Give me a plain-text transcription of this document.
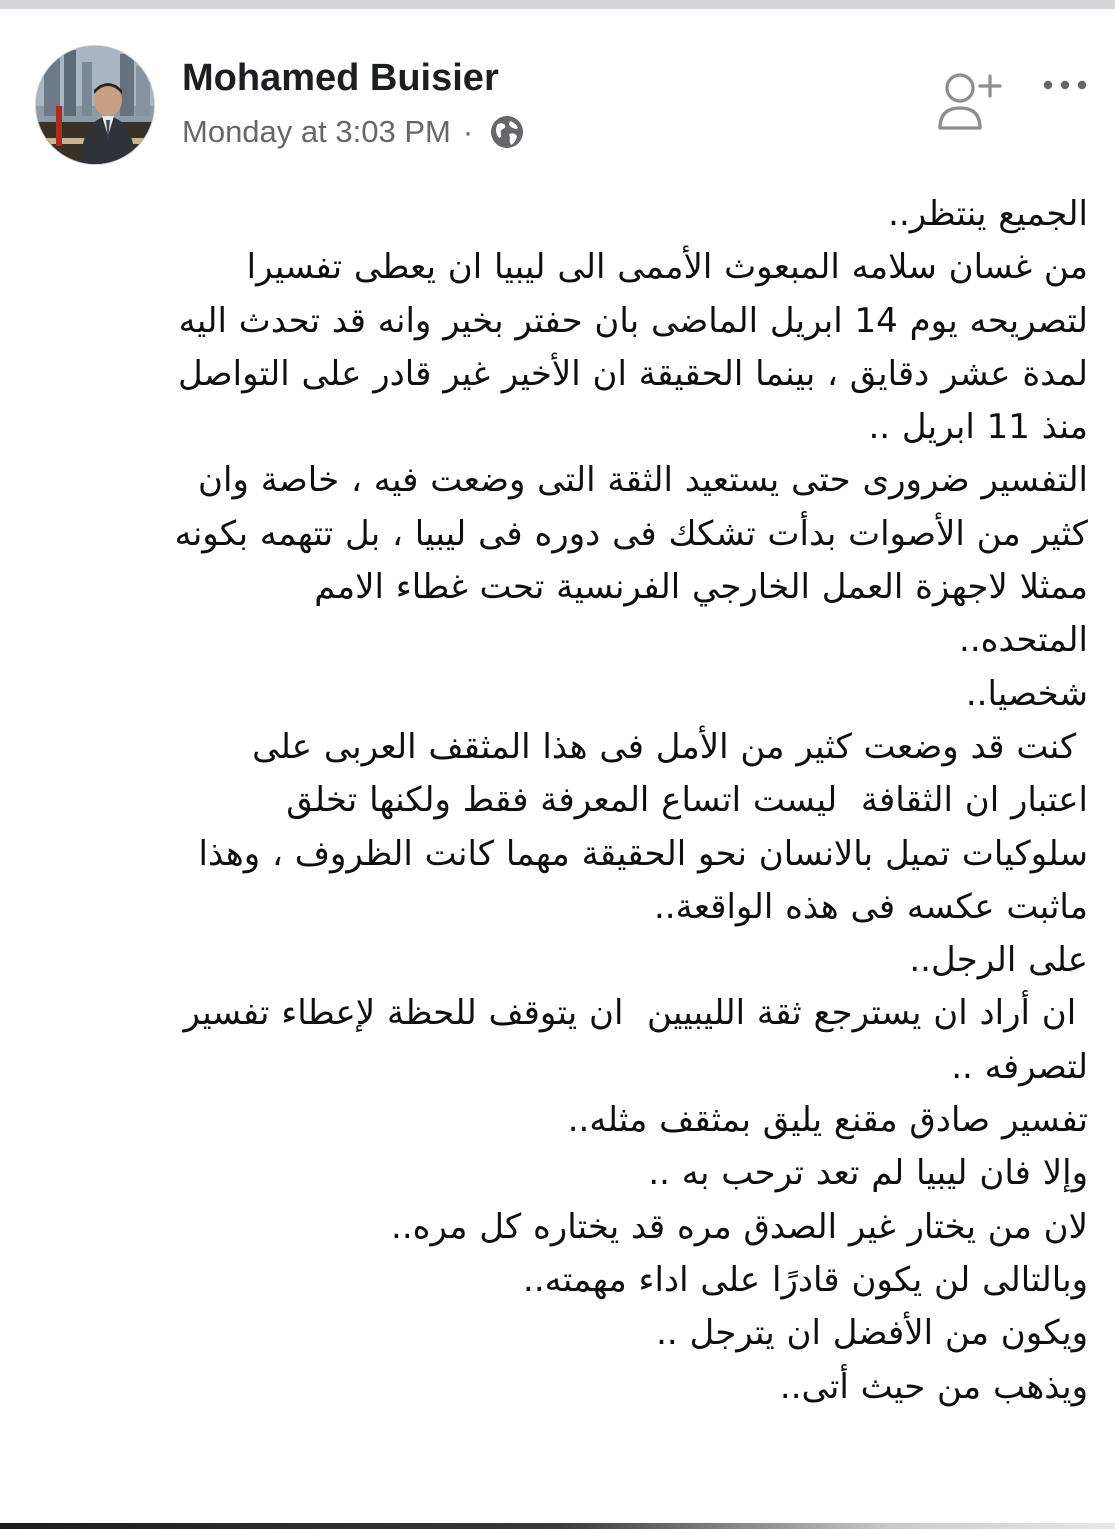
Mohamed Buisier
Monday at 3:03 PM ·
الجميع ينتظر..
من غسان سلامه المبعوث الأممى الى ليبيا ان يعطى تفسيرا
لتصريحه يوم 14 ابريل الماضى بان حفتر بخير وانه قد تحدث اليه
لمدة عشر دقايق ، بينما الحقيقة ان الأخير غير قادر على التواصل
منذ 11 ابريل ..
التفسير ضرورى حتى يستعيد الثقة التى وضعت فيه ، خاصة وان
كثير من الأصوات بدأت تشكك فى دوره فى ليبيا ، بل تتهمه بكونه
ممثلا لاجهزة العمل الخارجي الفرنسية تحت غطاء الامم
المتحده..
شخصيا..
كنت قد وضعت كثير من الأمل فى هذا المثقف العربى على
اعتبار ان الثقافة  ليست اتساع المعرفة فقط ولكنها تخلق
سلوكيات تميل بالانسان نحو الحقيقة مهما كانت الظروف ، وهذا
ماثبت عكسه فى هذه الواقعة..
على الرجل..
ان أراد ان يسترجع ثقة الليبيين  ان يتوقف للحظة لإعطاء تفسير
لتصرفه ..
تفسير صادق مقنع يليق بمثقف مثله..
وإلا فان ليبيا لم تعد ترحب به ..
لان من يختار غير الصدق مره قد يختاره كل مره..
وبالتالى لن يكون قادرًا على اداء مهمته..
ويكون من الأفضل ان يترجل ..
ويذهب من حيث أتى..
